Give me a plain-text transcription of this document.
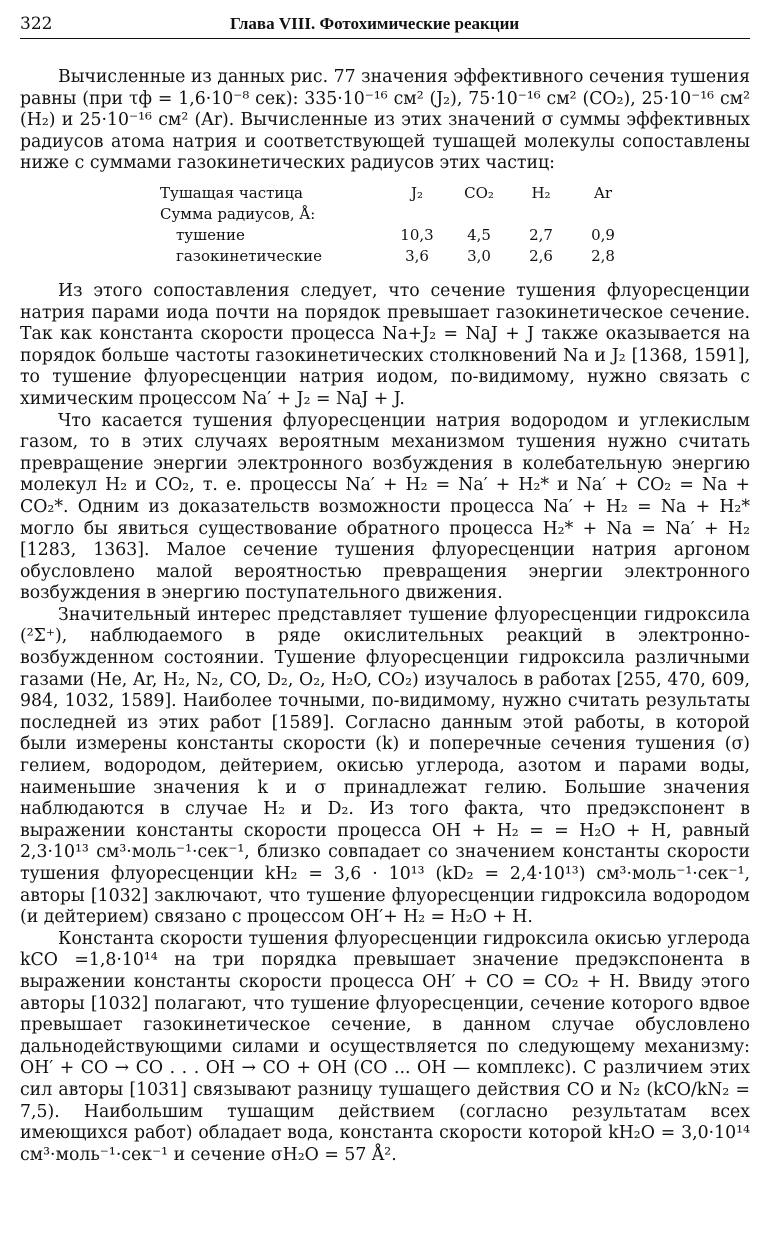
322	Глава VIII. Фотохимические реакции

Вычисленные из данных рис. 77 значения эффективного сечения тушения равны (при τф = 1,6·10⁻⁸ сек): 335·10⁻¹⁶ см² (J₂), 75·10⁻¹⁶ см² (CO₂), 25·10⁻¹⁶ см² (H₂) и 25·10⁻¹⁶ см² (Ar). Вычисленные из этих значений σ суммы эффективных радиусов атома натрия и соответствующей тушащей молекулы сопоставлены ниже с суммами газокинетических радиусов этих частиц:

Тушащая частица	J₂	CO₂	H₂	Ar
Сумма радиусов, Å:				
тушение	10,3	4,5	2,7	0,9
газокинетические	3,6	3,0	2,6	2,8

Из этого сопоставления следует, что сечение тушения флуоресценции натрия парами иода почти на порядок превышает газокинетическое сечение. Так как константа скорости процесса Na+J₂ = NaJ + J также оказывается на порядок больше частоты газокинетических столкновений Na и J₂ [1368, 1591], то тушение флуоресценции натрия иодом, по-видимому, нужно связать с химическим процессом Na′ + J₂ = NaJ + J.

Что касается тушения флуоресценции натрия водородом и углекислым газом, то в этих случаях вероятным механизмом тушения нужно считать превращение энергии электронного возбуждения в колебательную энергию молекул H₂ и CO₂, т. е. процессы Na′ + H₂ = Na′ + H₂* и Na′ + CO₂ = Na + CO₂*. Одним из доказательств возможности процесса Na′ + H₂ = Na + H₂* могло бы явиться существование обратного процесса H₂* + Na = Na′ + H₂ [1283, 1363]. Малое сечение тушения флуоресценции натрия аргоном обусловлено малой вероятностью превращения энергии электронного возбуждения в энергию поступательного движения.

Значительный интерес представляет тушение флуоресценции гидроксила (²Σ⁺), наблюдаемого в ряде окислительных реакций в электронно-возбужденном состоянии. Тушение флуоресценции гидроксила различными газами (He, Ar, H₂, N₂, CO, D₂, O₂, H₂O, CO₂) изучалось в работах [255, 470, 609, 984, 1032, 1589]. Наиболее точными, по-видимому, нужно считать результаты последней из этих работ [1589]. Согласно данным этой работы, в которой были измерены константы скорости (k) и поперечные сечения тушения (σ) гелием, водородом, дейтерием, окисью углерода, азотом и парами воды, наименьшие значения k и σ принадлежат гелию. Большие значения наблюдаются в случае H₂ и D₂. Из того факта, что предэкспонент в выражении константы скорости процесса OH + H₂ = = H₂O + H, равный 2,3·10¹³ см³·моль⁻¹·сек⁻¹, близко совпадает со значением константы скорости тушения флуоресценции kH₂ = 3,6 · 10¹³ (kD₂ = 2,4·10¹³) см³·моль⁻¹·сек⁻¹, авторы [1032] заключают, что тушение флуоресценции гидроксила водородом (и дейтерием) связано с процессом OH′+ H₂ = H₂O + H.

Константа скорости тушения флуоресценции гидроксила окисью углерода kCO =1,8·10¹⁴ на три порядка превышает значение предэкспонента в выражении константы скорости процесса OH′ + CO = CO₂ + H. Ввиду этого авторы [1032] полагают, что тушение флуоресценции, сечение которого вдвое превышает газокинетическое сечение, в данном случае обусловлено дальнодействующими силами и осуществляется по следующему механизму: OH′ + CO → CO . . . OH → CO + OH (CO ... OH — комплекс). С различием этих сил авторы [1031] связывают разницу тушащего действия CO и N₂ (kCO/kN₂ = 7,5). Наибольшим тушащим действием (согласно результатам всех имеющихся работ) обладает вода, константа скорости которой kH₂O = 3,0·10¹⁴ см³·моль⁻¹·сек⁻¹ и сечение σH₂O = 57 Å².
